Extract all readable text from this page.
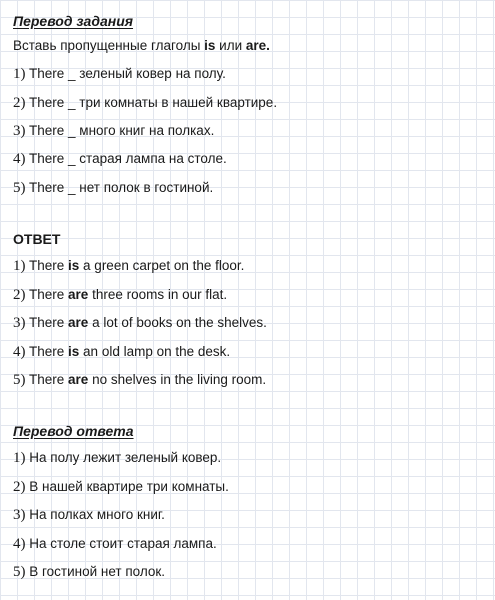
Перевод задания
Вставь пропущенные глаголы is или are.
1) There _ зеленый ковер на полу.
2) There _ три комнаты в нашей квартире.
3) There _ много книг на полках.
4) There _ старая лампа на столе.
5) There _ нет полок в гостиной.
ОТВЕТ
1) There is a green carpet on the floor.
2) There are three rooms in our flat.
3) There are a lot of books on the shelves.
4) There is an old lamp on the desk.
5) There are no shelves in the living room.
Перевод ответа
1) На полу лежит зеленый ковер.
2) В нашей квартире три комнаты.
3) На полках много книг.
4) На столе стоит старая лампа.
5) В гостиной нет полок.
